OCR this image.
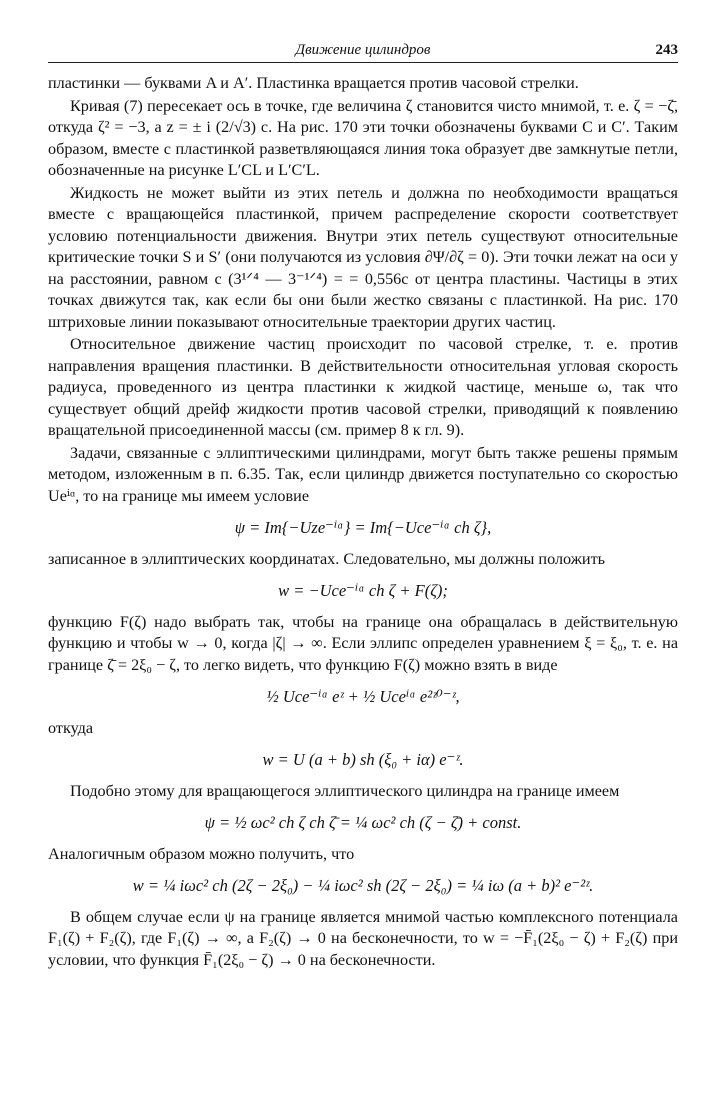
Движение цилиндров	243

пластинки — буквами A и A′. Пластинка вращается против часовой стрелки.

Кривая (7) пересекает ось в точке, где величина ζ становится чисто мнимой, т. е. ζ = −ζ̄, откуда ζ² = −3, а z = ± i (2/√3) c. На рис. 170 эти точки обозначены буквами C и C′. Таким образом, вместе с пластинкой разветвляющаяся линия тока образует две замкнутые петли, обозначенные на рисунке L′CL и L′C′L.

Жидкость не может выйти из этих петель и должна по необходимости вращаться вместе с вращающейся пластинкой, причем распределение скорости соответствует условию потенциальности движения. Внутри этих петель существуют относительные критические точки S и S′ (они получаются из условия ∂Ψ/∂ζ = 0). Эти точки лежат на оси y на расстоянии, равном c (3¹ᐟ⁴ — 3⁻¹ᐟ⁴) = = 0,556c от центра пластины. Частицы в этих точках движутся так, как если бы они были жестко связаны с пластинкой. На рис. 170 штриховые линии показывают относительные траектории других частиц.

Относительное движение частиц происходит по часовой стрелке, т. е. против направления вращения пластинки. В действительности относительная угловая скорость радиуса, проведенного из центра пластинки к жидкой частице, меньше ω, так что существует общий дрейф жидкости против часовой стрелки, приводящий к появлению вращательной присоединенной массы (см. пример 8 к гл. 9).

Задачи, связанные с эллиптическими цилиндрами, могут быть также решены прямым методом, изложенным в п. 6.35. Так, если цилиндр движется поступательно со скоростью Ueⁱᵅ, то на границе мы имеем условие

ψ = Im{−Uze⁻ⁱᵅ} = Im{−Uce⁻ⁱᵅ ch ζ},

записанное в эллиптических координатах. Следовательно, мы должны положить

w = −Uce⁻ⁱᵅ ch ζ + F(ζ);

функцию F(ζ) надо выбрать так, чтобы на границе она обращалась в действительную функцию и чтобы w → 0, когда |ζ| → ∞. Если эллипс определен уравнением ξ = ξ₀, т. е. на границе ζ̄ = 2ξ₀ − ζ, то легко видеть, что функцию F(ζ) можно взять в виде

½ Uce⁻ⁱᵅ eᶻ + ½ Uceⁱᵅ e²ᶻ⁰⁻ᶻ,

откуда

w = U (a + b) sh (ξ₀ + iα) e⁻ᶻ.

Подобно этому для вращающегося эллиптического цилиндра на границе имеем

ψ = ½ ωc² ch ζ ch ζ̄ = ¼ ωc² ch (ζ − ζ̄) + const.

Аналогичным образом можно получить, что

w = ¼ iωc² ch (2ζ − 2ξ₀) − ¼ iωc² sh (2ζ − 2ξ₀) = ¼ iω (a + b)² e⁻²ᶻ.

В общем случае если ψ на границе является мнимой частью комплексного потенциала F₁(ζ) + F₂(ζ), где F₁(ζ) → ∞, а F₂(ζ) → 0 на бесконечности, то w = −F̄₁(2ξ₀ − ζ) + F₂(ζ) при условии, что функция F̄₁(2ξ₀ − ζ) → 0 на бесконечности.
